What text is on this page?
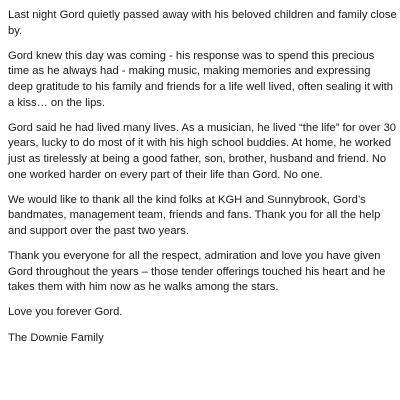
Last night Gord quietly passed away with his beloved children and family close by.

Gord knew this day was coming - his response was to spend this precious time as he always had - making music, making memories and expressing deep gratitude to his family and friends for a life well lived, often sealing it with a kiss… on the lips.

Gord said he had lived many lives. As a musician, he lived “the life” for over 30 years, lucky to do most of it with his high school buddies. At home, he worked just as tirelessly at being a good father, son, brother, husband and friend. No one worked harder on every part of their life than Gord. No one.

We would like to thank all the kind folks at KGH and Sunnybrook, Gord’s bandmates, management team, friends and fans. Thank you for all the help and support over the past two years.

Thank you everyone for all the respect, admiration and love you have given Gord throughout the years – those tender offerings touched his heart and he takes them with him now as he walks among the stars.

Love you forever Gord.

The Downie Family
